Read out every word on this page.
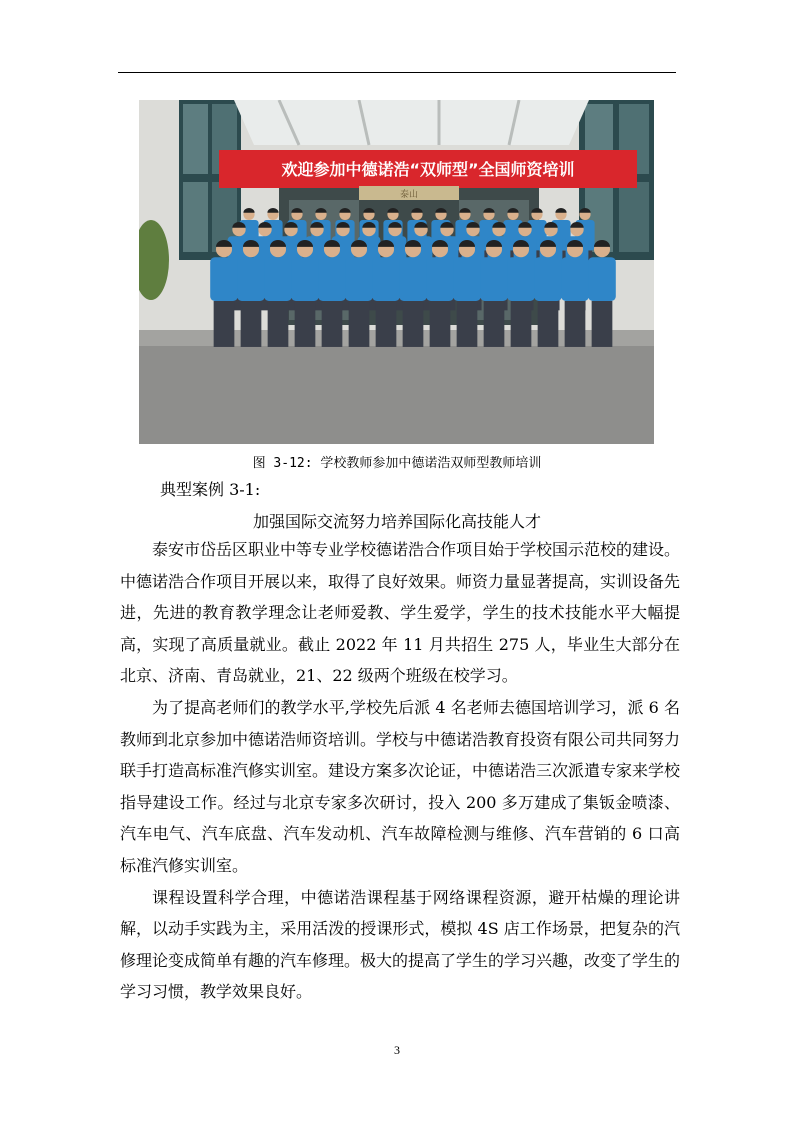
欢迎参加中德诺浩“双师型”全国师资培训
泰山
图 3-12: 学校教师参加中德诺浩双师型教师培训
典型案例 3-1:
加强国际交流努力培养国际化高技能人才

泰安市岱岳区职业中等专业学校德诺浩合作项目始于学校国示范校的建设。中德诺浩合作项目开展以来，取得了良好效果。师资力量显著提高，实训设备先进，先进的教育教学理念让老师爱教、学生爱学，学生的技术技能水平大幅提高，实现了高质量就业。截止 2022 年 11 月共招生 275 人，毕业生大部分在北京、济南、青岛就业，21、22 级两个班级在校学习。

为了提高老师们的教学水平,学校先后派 4 名老师去德国培训学习，派 6 名教师到北京参加中德诺浩师资培训。学校与中德诺浩教育投资有限公司共同努力联手打造高标准汽修实训室。建设方案多次论证，中德诺浩三次派遣专家来学校指导建设工作。经过与北京专家多次研讨，投入 200 多万建成了集钣金喷漆、汽车电气、汽车底盘、汽车发动机、汽车故障检测与维修、汽车营销的 6 口高标准汽修实训室。

课程设置科学合理，中德诺浩课程基于网络课程资源，避开枯燥的理论讲解，以动手实践为主，采用活泼的授课形式，模拟 4S 店工作场景，把复杂的汽修理论变成简单有趣的汽车修理。极大的提高了学生的学习兴趣，改变了学生的学习习惯，教学效果良好。

3
